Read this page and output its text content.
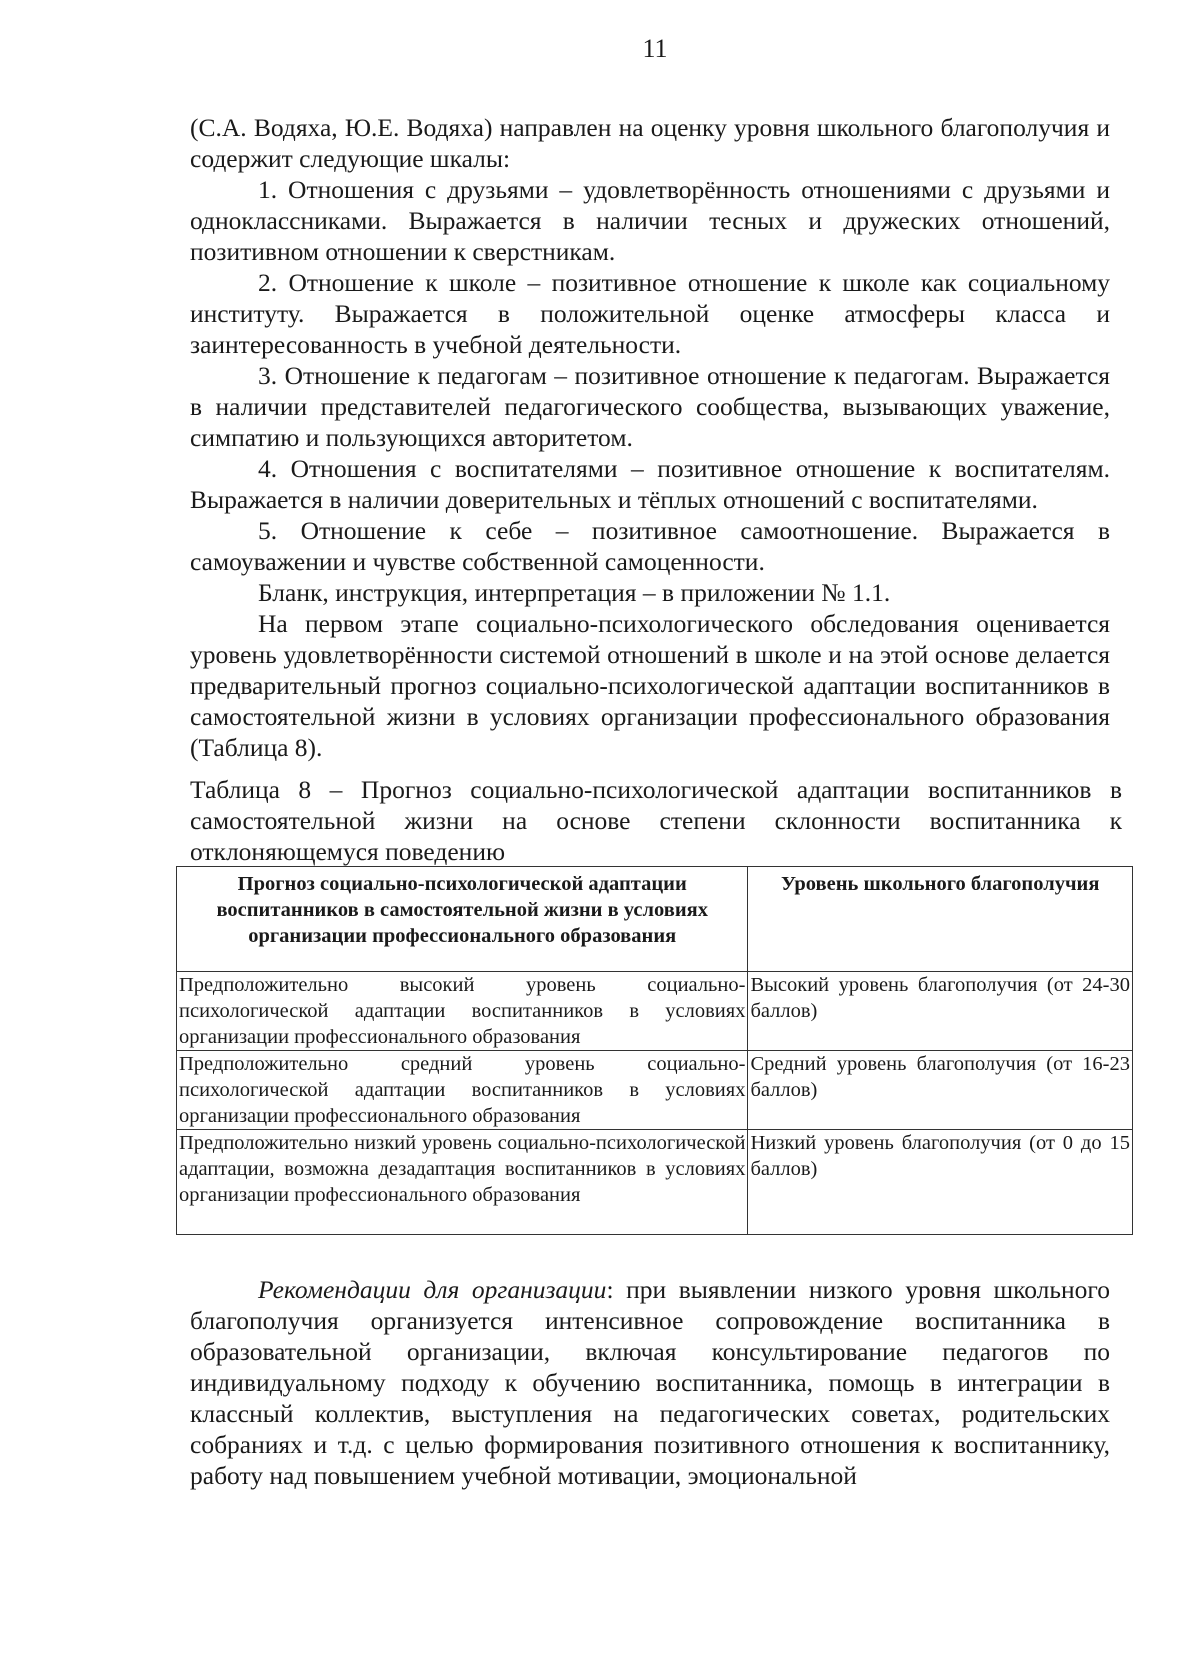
11

(С.А. Водяха, Ю.Е. Водяха) направлен на оценку уровня школьного благополучия и содержит следующие шкалы:

1. Отношения с друзьями – удовлетворённость отношениями с друзьями и одноклассниками. Выражается в наличии тесных и дружеских отношений, позитивном отношении к сверстникам.

2. Отношение к школе – позитивное отношение к школе как социальному институту. Выражается в положительной оценке атмосферы класса и заинтересованность в учебной деятельности.

3. Отношение к педагогам – позитивное отношение к педагогам. Выражается в наличии представителей педагогического сообщества, вызывающих уважение, симпатию и пользующихся авторитетом.

4. Отношения с воспитателями – позитивное отношение к воспитателям. Выражается в наличии доверительных и тёплых отношений с воспитателями.

5. Отношение к себе – позитивное самоотношение. Выражается в самоуважении и чувстве собственной самоценности.

Бланк, инструкция, интерпретация – в приложении № 1.1.

На первом этапе социально-психологического обследования оценивается уровень удовлетворённости системой отношений в школе и на этой основе делается предварительный прогноз социально-психологической адаптации воспитанников в самостоятельной жизни в условиях организации профессионального образования (Таблица 8).

Таблица 8 – Прогноз социально-психологической адаптации воспитанников в самостоятельной жизни на основе степени склонности воспитанника к отклоняющемуся поведению

Прогноз социально-психологической адаптации воспитанников в самостоятельной жизни в условиях организации профессионального образования	Уровень школьного благополучия
Предположительно высокий уровень социально-психологической адаптации воспитанников в условиях организации профессионального образования	Высокий уровень благополучия (от 24-30 баллов)
Предположительно средний уровень социально-психологической адаптации воспитанников в условиях организации профессионального образования	Средний уровень благополучия (от 16-23 баллов)
Предположительно низкий уровень социально-психологической адаптации, возможна дезадаптация воспитанников в условиях организации профессионального образования	Низкий уровень благополучия (от 0 до 15 баллов)

Рекомендации для организации: при выявлении низкого уровня школьного благополучия организуется интенсивное сопровождение воспитанника в образовательной организации, включая консультирование педагогов по индивидуальному подходу к обучению воспитанника, помощь в интеграции в классный коллектив, выступления на педагогических советах, родительских собраниях и т.д. с целью формирования позитивного отношения к воспитаннику, работу над повышением учебной мотивации, эмоциональной
